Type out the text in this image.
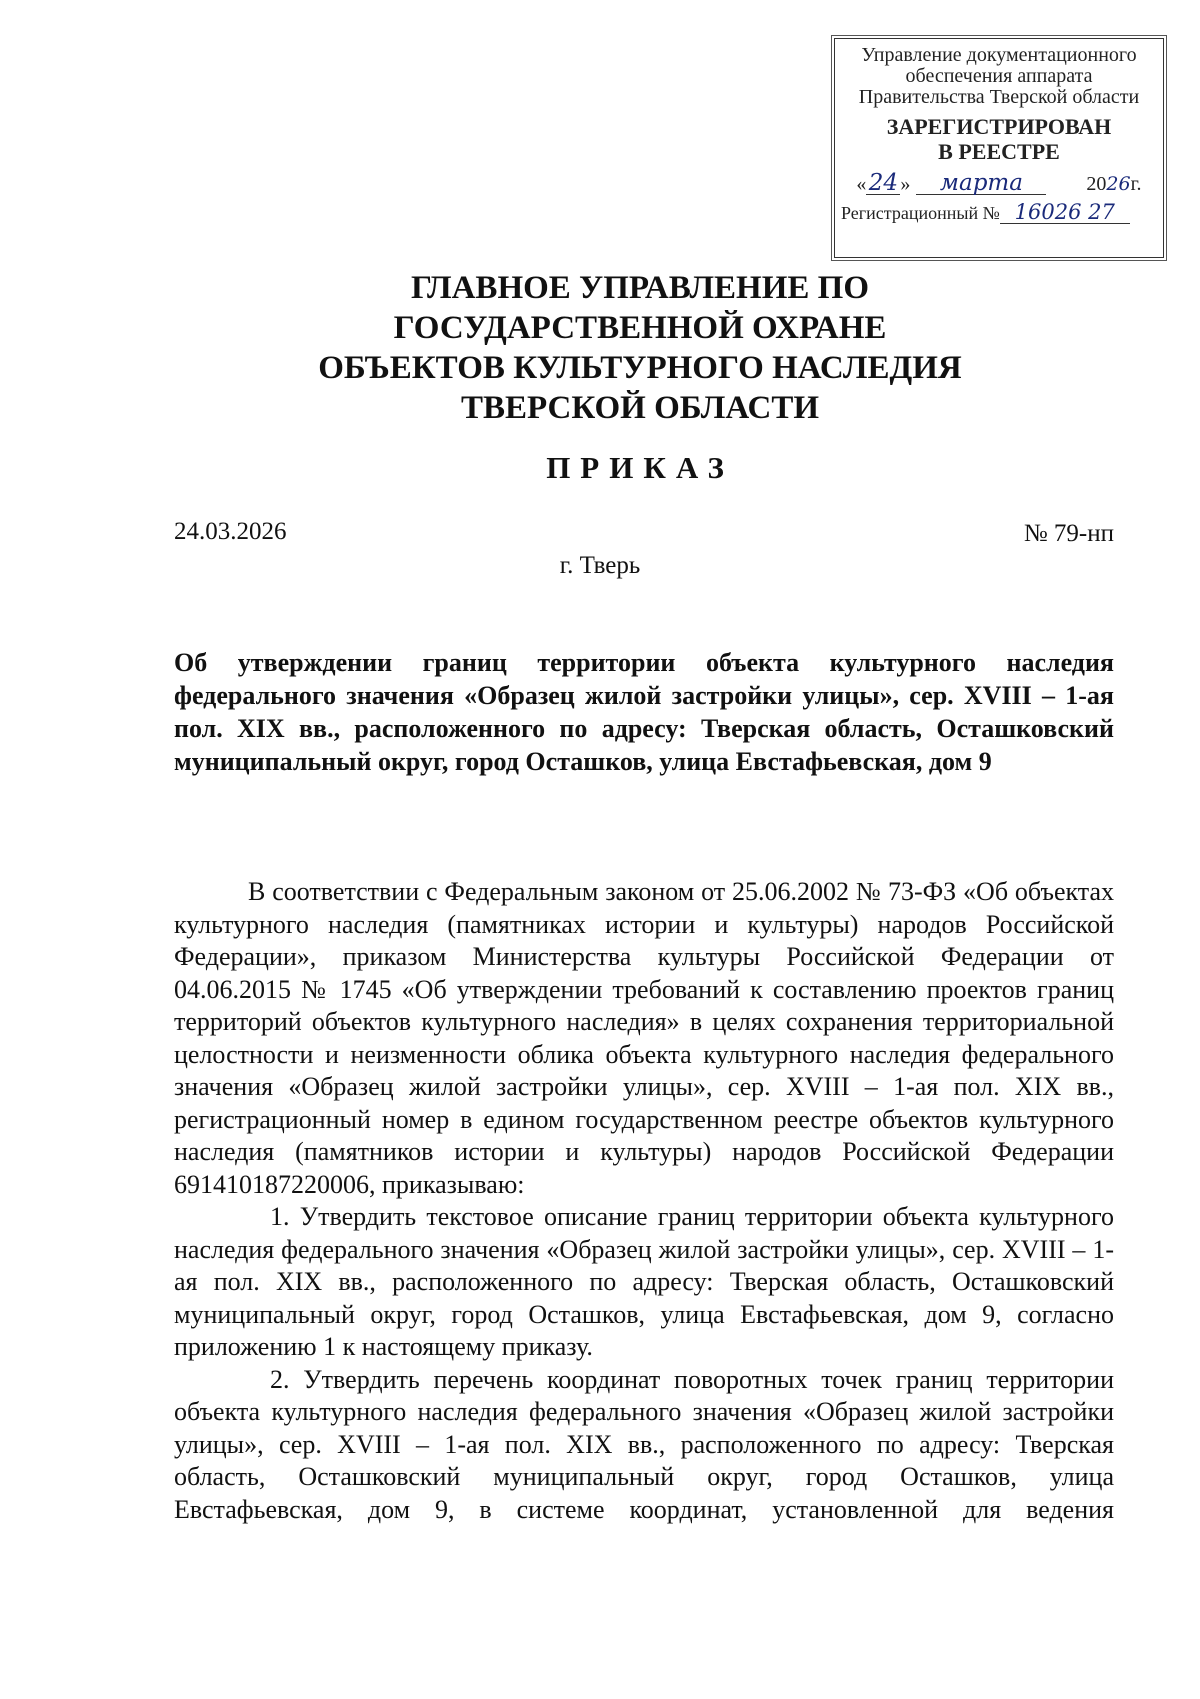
Управление документационного
обеспечения аппарата
Правительства Тверской области
ЗАРЕГИСТРИРОВАН
В РЕЕСТРЕ
« 24 »	марта	20 26 г.
Регистрационный № 16026 27
ГЛАВНОЕ УПРАВЛЕНИЕ ПО
ГОСУДАРСТВЕННОЙ ОХРАНЕ
ОБЪЕКТОВ КУЛЬТУРНОГО НАСЛЕДИЯ
ТВЕРСКОЙ ОБЛАСТИ
ПРИКАЗ
24.03.2026	№ 79-нп
г. Тверь
Об утверждении границ территории объекта культурного наследия федерального значения «Образец жилой застройки улицы», сер. XVIII – 1-ая пол. XIX вв., расположенного по адресу: Тверская область, Осташковский муниципальный округ, город Осташков, улица Евстафьевская, дом 9

В соответствии с Федеральным законом от 25.06.2002 № 73-ФЗ «Об объектах культурного наследия (памятниках истории и культуры) народов Российской Федерации», приказом Министерства культуры Российской Федерации от 04.06.2015 № 1745 «Об утверждении требований к составлению проектов границ территорий объектов культурного наследия» в целях сохранения территориальной целостности и неизменности облика объекта культурного наследия федерального значения «Образец жилой застройки улицы», сер. XVIII – 1-ая пол. XIX вв., регистрационный номер в едином государственном реестре объектов культурного наследия (памятников истории и культуры) народов Российской Федерации 691410187220006, приказываю:

1. Утвердить текстовое описание границ территории объекта культурного наследия федерального значения «Образец жилой застройки улицы», сер. XVIII – 1-ая пол. XIX вв., расположенного по адресу: Тверская область, Осташковский муниципальный округ, город Осташков, улица Евстафьевская, дом 9, согласно приложению 1 к настоящему приказу.

2. Утвердить перечень координат поворотных точек границ территории объекта культурного наследия федерального значения «Образец жилой застройки улицы», сер. XVIII – 1-ая пол. XIX вв., расположенного по адресу: Тверская область, Осташковский муниципальный округ, город Осташков, улица Евстафьевская, дом 9, в системе координат, установленной для ведения
